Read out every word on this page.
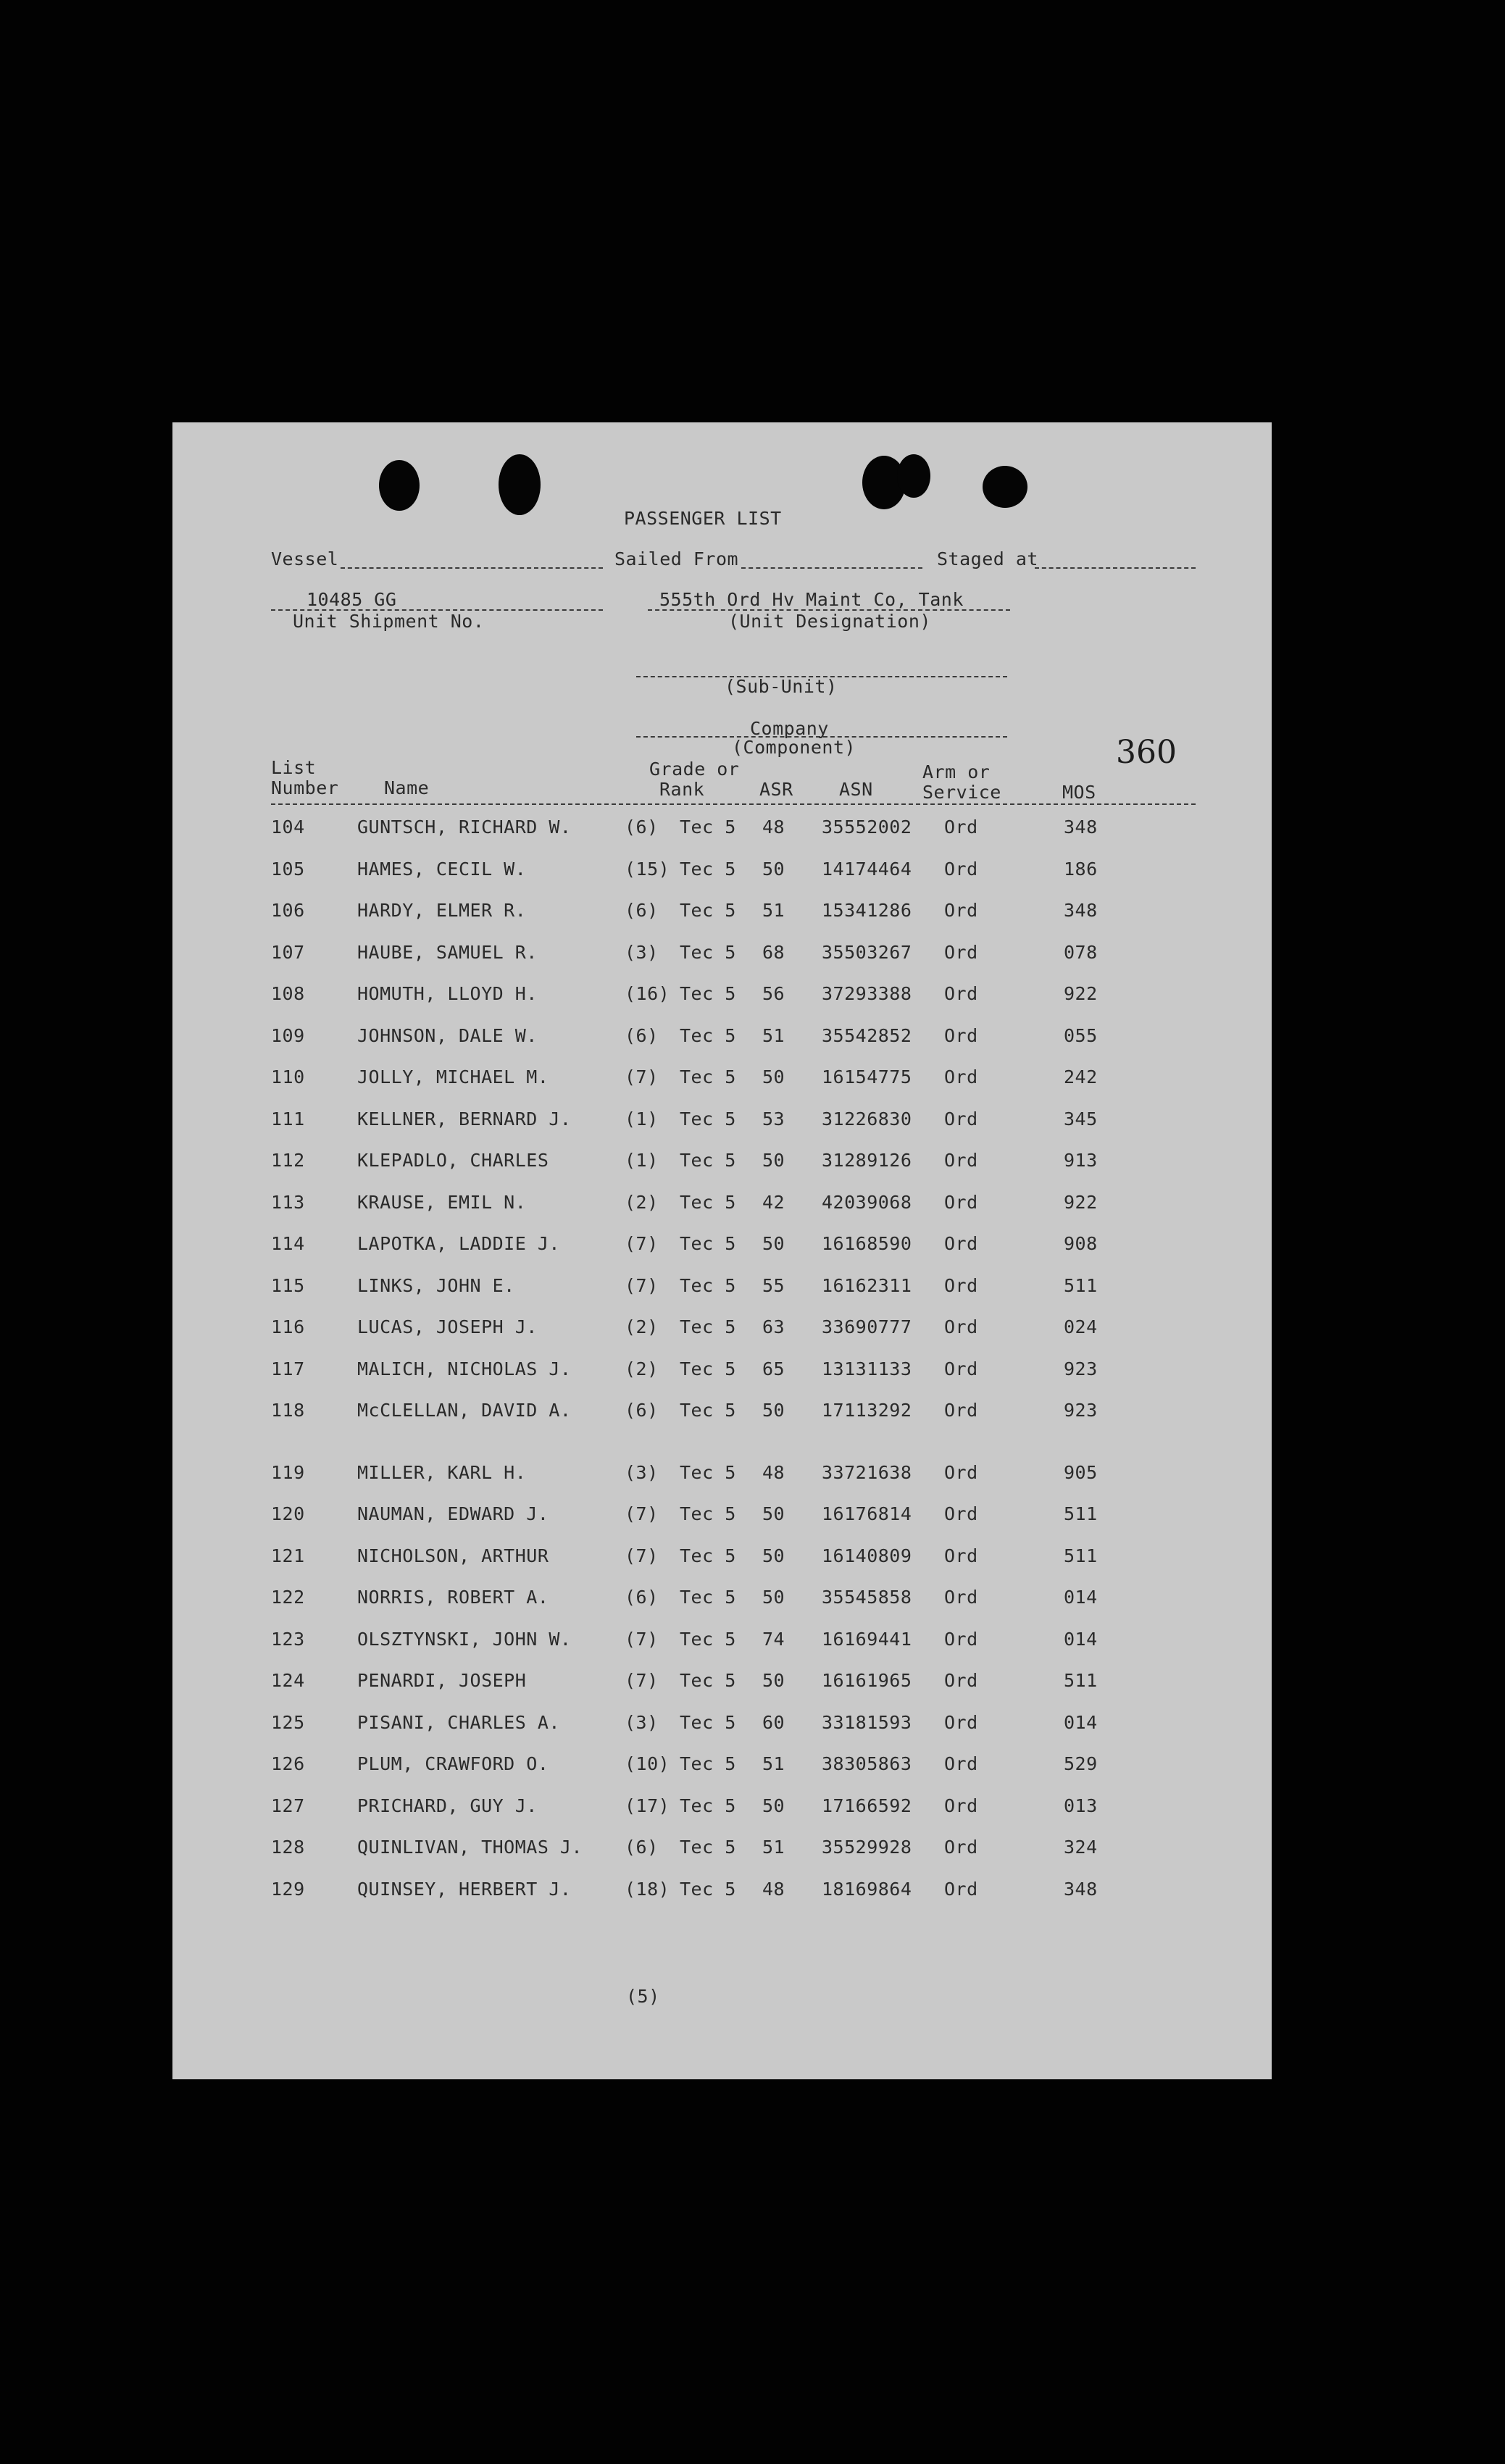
PASSENGER LIST
Vessel	Sailed From	Staged at
10485 GG
Unit Shipment No.
555th Ord Hv Maint Co, Tank
(Unit Designation)
(Sub-Unit)
Company
(Component)	360
List
Number	Name
Grade or
Rank	ASR	ASN
Arm or
Service	MOS
104	GUNTSCH, RICHARD W.	(6) Tec 5 48 35552002 Ord	348
105	HAMES, CECIL W.	(15) Tec 5 50 14174464 Ord	186
106	HARDY, ELMER R.	(6) Tec 5 51 15341286 Ord	348
107	HAUBE, SAMUEL R.	(3) Tec 5 68 35503267 Ord	078
108	HOMUTH, LLOYD H.	(16) Tec 5 56 37293388 Ord	922
109	JOHNSON, DALE W.	(6) Tec 5 51 35542852 Ord	055
110	JOLLY, MICHAEL M.	(7) Tec 5 50 16154775 Ord	242
111	KELLNER, BERNARD J.	(1) Tec 5 53 31226830 Ord	345
112	KLEPADLO, CHARLES	(1) Tec 5 50 31289126 Ord	913
113	KRAUSE, EMIL N.	(2) Tec 5 42 42039068 Ord	922
114	LAPOTKA, LADDIE J.	(7) Tec 5 50 16168590 Ord	908
115	LINKS, JOHN E.	(7) Tec 5 55 16162311 Ord	511
116	LUCAS, JOSEPH J.	(2) Tec 5 63 33690777 Ord	024
117	MALICH, NICHOLAS J.	(2) Tec 5 65 13131133 Ord	923
118	McCLELLAN, DAVID A.	(6) Tec 5 50 17113292 Ord	923
119	MILLER, KARL H.	(3) Tec 5 48 33721638 Ord	905
120	NAUMAN, EDWARD J.	(7) Tec 5 50 16176814 Ord	511
121	NICHOLSON, ARTHUR	(7) Tec 5 50 16140809 Ord	511
122	NORRIS, ROBERT A.	(6) Tec 5 50 35545858 Ord	014
123	OLSZTYNSKI, JOHN W.	(7) Tec 5 74 16169441 Ord	014
124	PENARDI, JOSEPH	(7) Tec 5 50 16161965 Ord	511
125	PISANI, CHARLES A.	(3) Tec 5 60 33181593 Ord	014
126	PLUM, CRAWFORD O.	(10) Tec 5 51 38305863 Ord	529
127	PRICHARD, GUY J.	(17) Tec 5 50 17166592 Ord	013
128	QUINLIVAN, THOMAS J. (6) Tec 5 51 35529928 Ord	324
129	QUINSEY, HERBERT J.	(18) Tec 5 48 18169864 Ord	348
(5)
